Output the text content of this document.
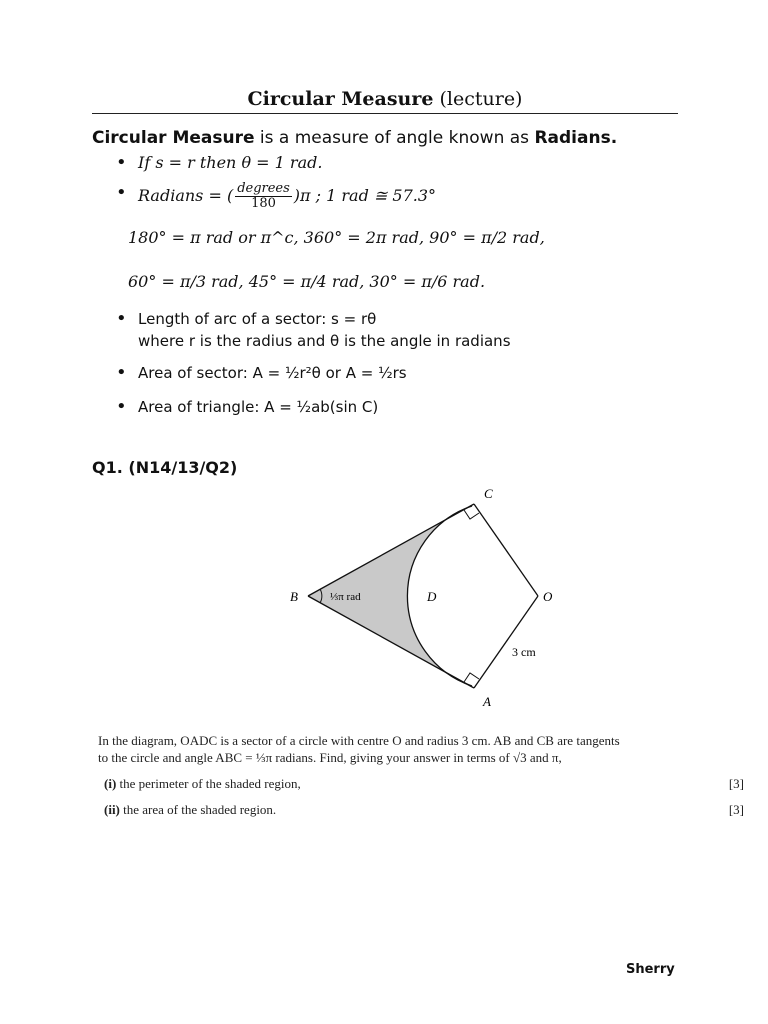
Circular Measure (lecture)
Circular Measure is a measure of angle known as Radians.
• If s = r then θ = 1 rad.
• Radians = ( $\frac{\text{degrees}}{180} )\pi$ ; 1 rad ≅ 57.3°
180° = π rad or π^c, 360° = 2π rad, 90° = π/2 rad,
60° = π/3 rad, 45° = π/4 rad, 30° = π/6 rad.
• Length of arc of a sector: s = rθ
where r is the radius and θ is the angle in radians
• Area of sector: A = ½r²θ or A = ½rs
• Area of triangle: A = ½ab(sin C)
Q1. (N14/13/Q2)
B
C
A
O
D
⅓π rad
3 cm
In the diagram, OADC is a sector of a circle with centre O and radius 3 cm. AB and CB are tangents
to the circle and angle ABC = ⅓π radians. Find, giving your answer in terms of √3 and π,
(i) the perimeter of the shaded region,	[3]
(ii) the area of the shaded region.	[3]
Sherry
